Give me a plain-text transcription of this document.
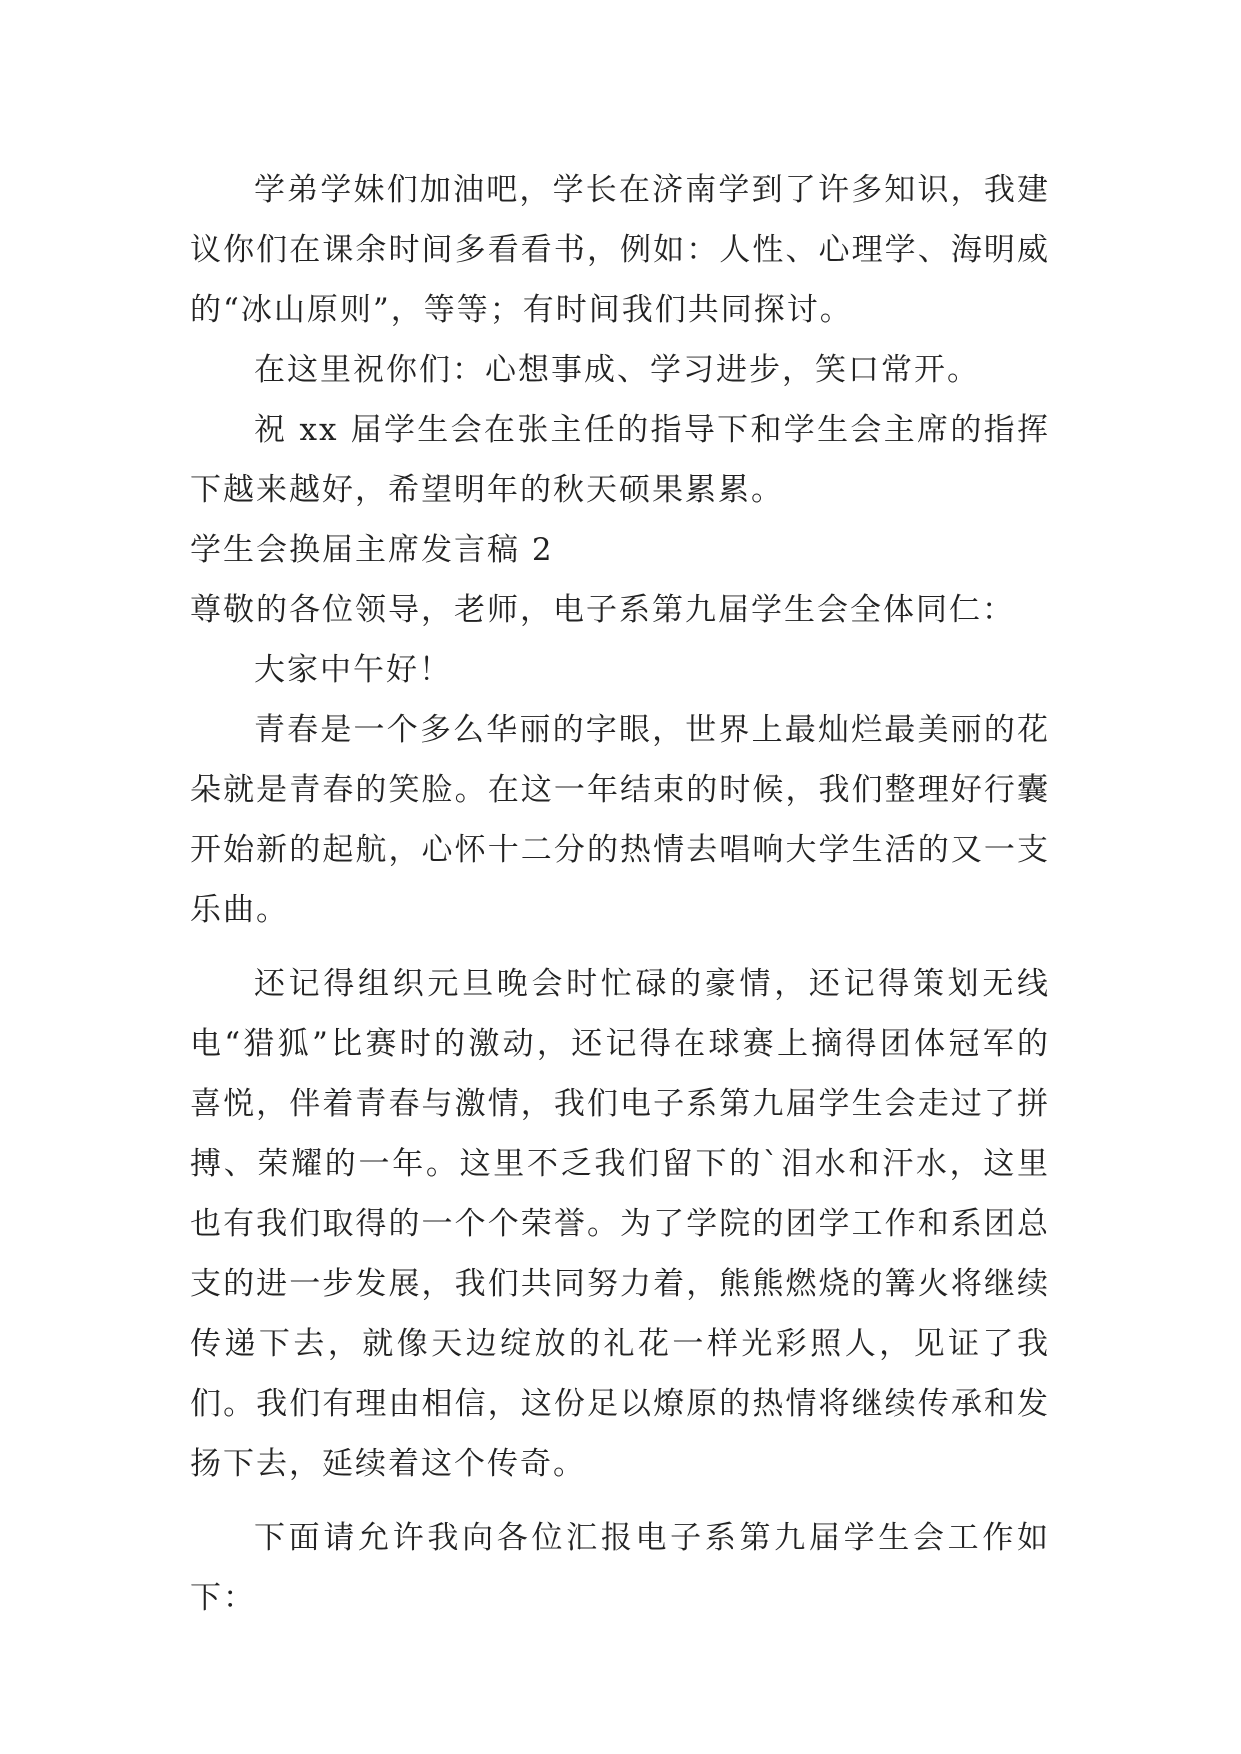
学弟学妹们加油吧，学长在济南学到了许多知识，我建议你们在课余时间多看看书，例如：人性、心理学、海明威的“冰山原则”，等等；有时间我们共同探讨。

在这里祝你们：心想事成、学习进步，笑口常开。

祝 xx 届学生会在张主任的指导下和学生会主席的指挥下越来越好，希望明年的秋天硕果累累。

学生会换届主席发言稿 2

尊敬的各位领导，老师，电子系第九届学生会全体同仁：

大家中午好！

青春是一个多么华丽的字眼，世界上最灿烂最美丽的花朵就是青春的笑脸。在这一年结束的时候，我们整理好行囊开始新的起航，心怀十二分的热情去唱响大学生活的又一支乐曲。

还记得组织元旦晚会时忙碌的豪情，还记得策划无线电“猎狐”比赛时的激动，还记得在球赛上摘得团体冠军的喜悦，伴着青春与激情，我们电子系第九届学生会走过了拼搏、荣耀的一年。这里不乏我们留下的`泪水和汗水，这里也有我们取得的一个个荣誉。为了学院的团学工作和系团总支的进一步发展，我们共同努力着，熊熊燃烧的篝火将继续传递下去，就像天边绽放的礼花一样光彩照人，见证了我们。我们有理由相信，这份足以燎原的热情将继续传承和发扬下去，延续着这个传奇。

下面请允许我向各位汇报电子系第九届学生会工作如下：
